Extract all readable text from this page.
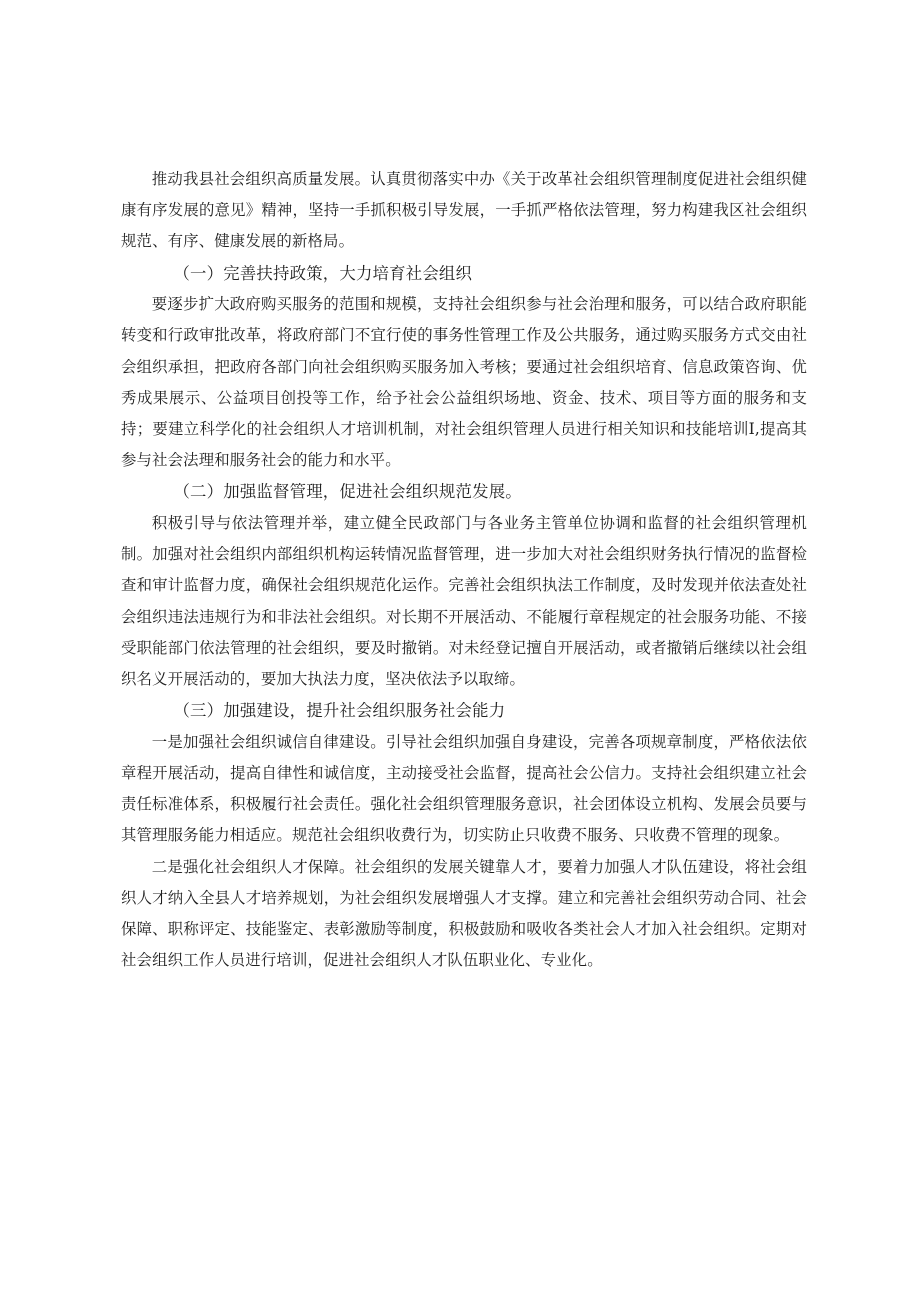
推动我县社会组织高质量发展。认真贯彻落实中办《关于改革社会组织管理制度促进社会组织健康有序发展的意见》精神，坚持一手抓积极引导发展，一手抓严格依法管理，努力构建我区社会组织规范、有序、健康发展的新格局。

（一）完善扶持政策，大力培育社会组织

要逐步扩大政府购买服务的范围和规模，支持社会组织参与社会治理和服务，可以结合政府职能转变和行政审批改革，将政府部门不宜行使的事务性管理工作及公共服务，通过购买服务方式交由社会组织承担，把政府各部门向社会组织购买服务加入考核；要通过社会组织培育、信息政策咨询、优秀成果展示、公益项目创投等工作，给予社会公益组织场地、资金、技术、项目等方面的服务和支持；要建立科学化的社会组织人才培训机制，对社会组织管理人员进行相关知识和技能培训I,提高其参与社会法理和服务社会的能力和水平。

（二）加强监督管理，促进社会组织规范发展。

积极引导与依法管理并举，建立健全民政部门与各业务主管单位协调和监督的社会组织管理机制。加强对社会组织内部组织机构运转情况监督管理，进一步加大对社会组织财务执行情况的监督检查和审计监督力度，确保社会组织规范化运作。完善社会组织执法工作制度，及时发现并依法查处社会组织违法违规行为和非法社会组织。对长期不开展活动、不能履行章程规定的社会服务功能、不接受职能部门依法管理的社会组织，要及时撤销。对未经登记擅自开展活动，或者撤销后继续以社会组织名义开展活动的，要加大执法力度，坚决依法予以取缔。

（三）加强建设，提升社会组织服务社会能力

一是加强社会组织诚信自律建设。引导社会组织加强自身建设，完善各项规章制度，严格依法依章程开展活动，提高自律性和诚信度，主动接受社会监督，提高社会公信力。支持社会组织建立社会责任标准体系，积极履行社会责任。强化社会组织管理服务意识，社会团体设立机构、发展会员要与其管理服务能力相适应。规范社会组织收费行为，切实防止只收费不服务、只收费不管理的现象。

二是强化社会组织人才保障。社会组织的发展关键靠人才，要着力加强人才队伍建设，将社会组织人才纳入全县人才培养规划，为社会组织发展增强人才支撑。建立和完善社会组织劳动合同、社会保障、职称评定、技能鉴定、表彰激励等制度，积极鼓励和吸收各类社会人才加入社会组织。定期对社会组织工作人员进行培训，促进社会组织人才队伍职业化、专业化。
